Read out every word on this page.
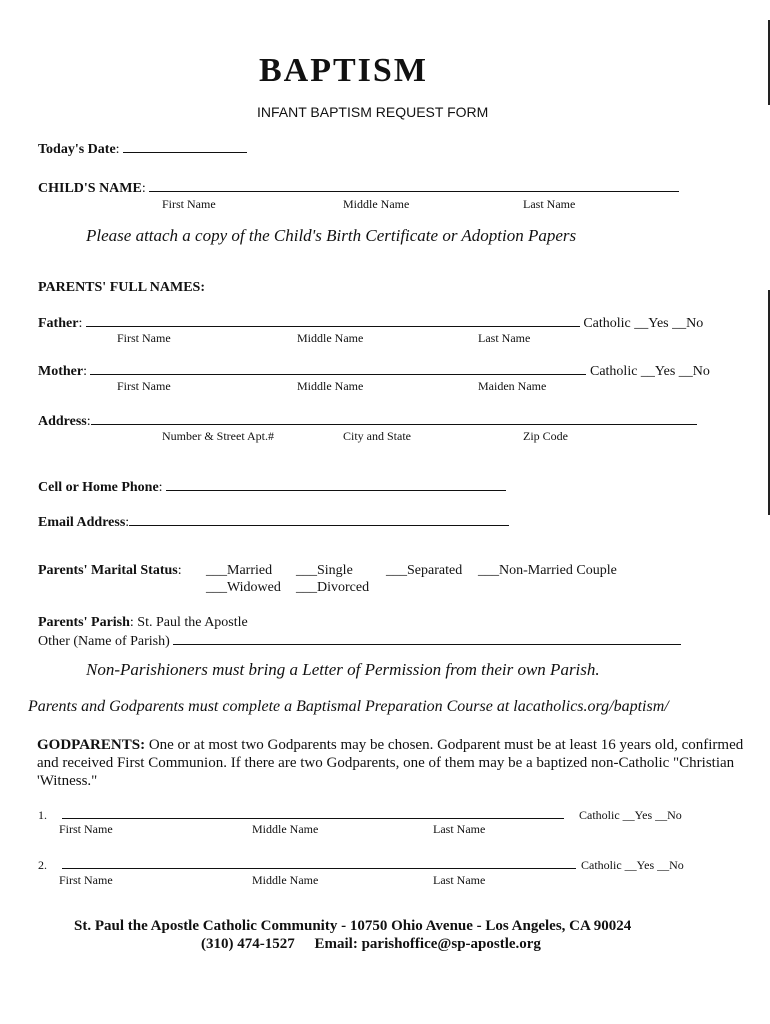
BAPTISM
INFANT BAPTISM REQUEST FORM
Today's Date:
CHILD'S NAME:
First Name	Middle Name	Last Name
Please attach a copy of the Child's Birth Certificate or Adoption Papers
PARENTS' FULL NAMES:
Father:	Catholic __Yes __No
First Name	Middle Name	Last Name
Mother:	Catholic __Yes __No
First Name	Middle Name	Maiden Name
Address:
Number & Street Apt.#	City and State	Zip Code
Cell or Home Phone:
Email Address:
Parents' Marital Status: ___Married ___Single ___Separated ___Non-Married Couple
___Widowed ___Divorced
Parents' Parish: St. Paul the Apostle
Other (Name of Parish)
Non-Parishioners must bring a Letter of Permission from their own Parish.
Parents and Godparents must complete a Baptismal Preparation Course at lacatholics.org/baptism/
GODPARENTS: One or at most two Godparents may be chosen. Godparent must be at least 16 years old, confirmed and received First Communion. If there are two Godparents, one of them may be a baptized non-Catholic "Christian 'Witness."
1.	Catholic __Yes __No
First Name	Middle Name	Last Name
2.	Catholic __Yes __No
First Name	Middle Name	Last Name
St. Paul the Apostle Catholic Community - 10750 Ohio Avenue - Los Angeles, CA 90024
(310) 474-1527 Email: parishoffice@sp-apostle.org
